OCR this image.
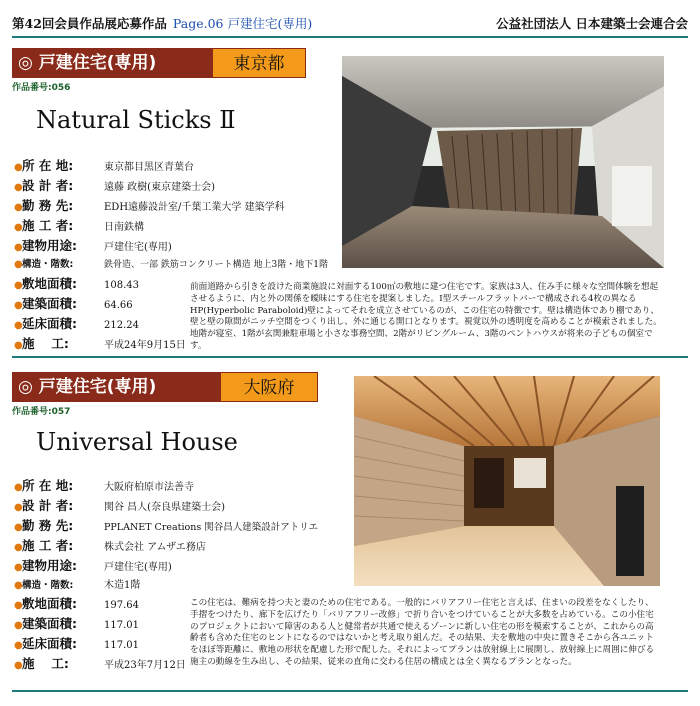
第42回会員作品展応募作品 Page.06 戸建住宅(専用)	公益社団法人 日本建築士会連合会
◎ 戸建住宅(専用)	東京都
作品番号:056
Natural Sticks Ⅱ
● 所 在 地:	東京都目黒区青葉台
● 設 計 者:	遠藤 政樹(東京建築士会)
● 勤 務 先:	EDH遠藤設計室/千葉工業大学 建築学科
● 施 工 者:	日南鉄構
● 建物用途:	戸建住宅(専用)
● 構造・階数:	鉄骨造、一部 鉄筋コンクリート構造 地上3階・地下1階
● 敷地面積:	108.43
● 建築面積:	64.66
● 延床面積:	212.24
● 施 　工:	平成24年9月15日
前面道路から引きを設けた商業施設に対面する100㎡の敷地に建つ住宅です。家族は3人、住み手に様々な空間体験を想起させるように、内と外の関係を曖昧にする住宅を提案しました。I型スチールフラットバーで構成される4枚の異なるHP(Hyperbolic Paraboloid)壁によってそれを成立させているのが、この住宅の特徴です。壁は構造体であり棚であり、壁と壁の隙間がニッチ空間をつくり出し、外に通じる開口となります。視覚以外の透明度を高めることが模索されました。地階が寝室、1階が玄関兼駐車場と小さな事務空間、2階がリビングルーム、3階のペントハウスが将来の子どもの個室です。
◎ 戸建住宅(専用)	大阪府
作品番号:057
Universal House
● 所 在 地:	大阪府柏原市法善寺
● 設 計 者:	関谷 昌人(奈良県建築士会)
● 勤 務 先:	PPLANET Creations 関谷昌人建築設計アトリエ
● 施 工 者:	株式会社 アムザエ務店
● 建物用途:	戸建住宅(専用)
● 構造・階数:	木造1階
● 敷地面積:	197.64
● 建築面積:	117.01
● 延床面積:	117.01
● 施 　工:	平成23年7月12日
この住宅は、難病を持つ夫と妻のための住宅である。一般的にバリアフリー住宅と言えば、住まいの段差をなくしたり、手摺をつけたり、廊下を広げたり「バリアフリー改修」で折り合いをつけていることが大多数を占めている。この小住宅のプロジェクトにおいて障害のある人と健常者が共通で使えるゾーンに新しい住宅の形を模索することが、これからの高齢者も含めた住宅のヒントになるのではないかと考え取り組んだ。その結果、夫を敷地の中央に置きそこから各ユニットをほぼ等距離に、敷地の形状を配慮した形で配した。それによってプランは放射線上に展開し、放射線上に周囲に伸びる施主の動線を生み出し、その結果、従来の直角に交わる住居の構成とは全く異なるプランとなった。
